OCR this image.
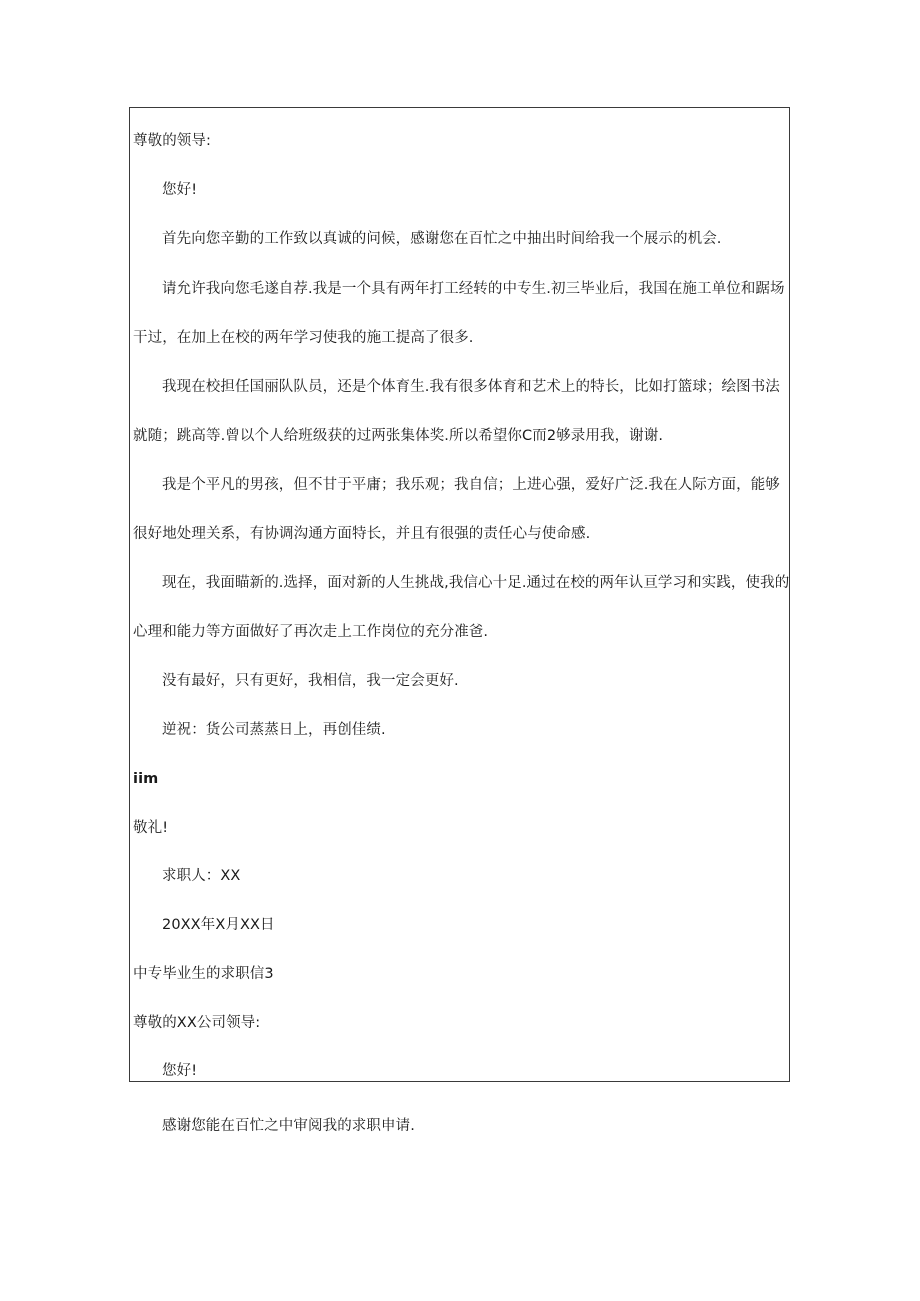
尊敬的领导:
您好!
首先向您辛勤的工作致以真诚的问候，感谢您在百忙之中抽出时间给我一个展示的机会.
请允许我向您毛遂自荐.我是一个具有两年打工经转的中专生.初三毕业后，我国在施工单位和踞场
干过，在加上在校的两年学习使我的施工提高了很多.
我现在校担任国丽队队员，还是个体育生.我有很多体育和艺术上的特长，比如打篮球；绘图书法
就随；跳高等.曾以个人给班级获的过两张集体奖.所以希望你C而2够录用我，谢谢.
我是个平凡的男孩，但不甘于平庸；我乐观；我自信；上进心强，爱好广泛.我在人际方面，能够
很好地处理关系，有协调沟通方面特长，并且有很强的责任心与使命感.
现在，我面瞄新的.选择，面对新的人生挑战,我信心十足.通过在校的两年认亘学习和实践，使我的
心理和能力等方面做好了再次走上工作岗位的充分准爸.
没有最好，只有更好，我相信，我一定会更好.
逆祝：货公司蒸蒸日上，再创佳绩.
iim
敬礼!
求职人：XX
20XX年X月XX日
中专毕业生的求职信3
尊敬的XX公司领导:
您好!
感谢您能在百忙之中审阅我的求职申请.
